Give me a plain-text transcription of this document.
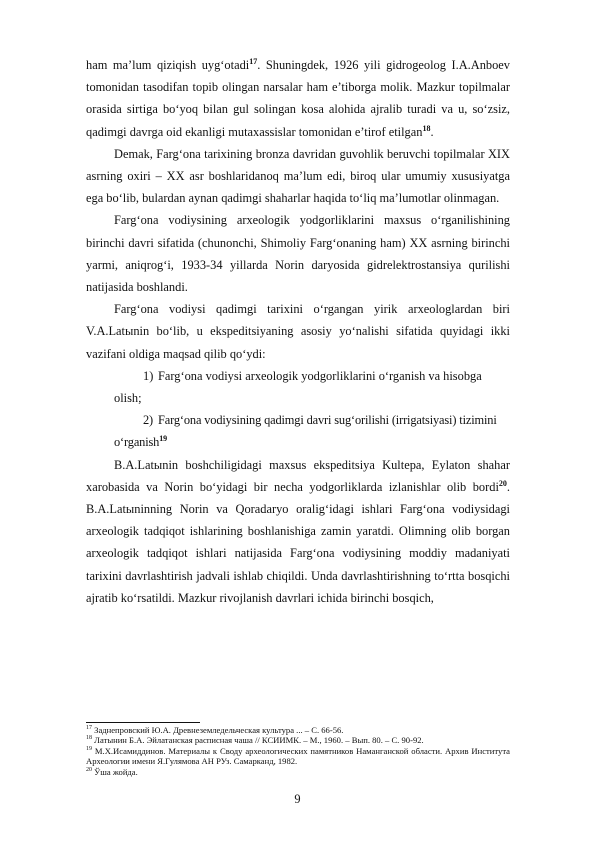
ham ma’lum qiziqish uyg‘otadi$^{17}$. Shuningdek, 1926 yili gidrogeolog I.A.Anboev tomonidan tasodifan topib olingan narsalar ham e’tiborga molik. Mazkur topilmalar orasida sirtiga bo‘yoq bilan gul solingan kosa alohida ajralib turadi va u, so‘zsiz, qadimgi davrga oid ekanligi mutaxassislar tomonidan e’tirof etilgan$^{18}$.

Demak, Farg‘ona tarixining bronza davridan guvohlik beruvchi topilmalar XIX asrning oxiri – XX asr boshlaridanoq ma’lum edi, biroq ular umumiy xususiyatga ega bo‘lib, bulardan aynan qadimgi shaharlar haqida to‘liq ma’lumotlar olinmagan.

Farg‘ona vodiysining arxeologik yodgorliklarini maxsus o‘rganilishining birinchi davri sifatida (chunonchi, Shimoliy Farg‘onaning ham) XX asrning birinchi yarmi, aniqrog‘i, 1933-34 yillarda Norin daryosida gidrelektrostansiya qurilishi natijasida boshlandi.

Farg‘ona vodiysi qadimgi tarixini o‘rgangan yirik arxeologlardan biri V.A.Latыnin bo‘lib, u ekspeditsiyaning asosiy yo‘nalishi sifatida quyidagi ikki vazifani oldiga maqsad qilib qo‘ydi:

1) Farg‘ona vodiysi arxeologik yodgorliklarini o‘rganish va hisobga
olish;

2) Farg‘ona vodiysining qadimgi davri sug‘orilishi (irrigatsiyasi) tizimini
o‘rganish$^{19}$

B.A.Latыnin boshchiligidagi maxsus ekspeditsiya Kultepa, Eylaton shahar xarobasida va Norin bo‘yidagi bir necha yodgorliklarda izlanishlar olib bordi$^{20}$. B.A.Latыninning Norin va Qoradaryo oralig‘idagi ishlari Farg‘ona vodiysidagi arxeologik tadqiqot ishlarining boshlanishiga zamin yaratdi. Olimning olib borgan arxeologik tadqiqot ishlari natijasida Farg‘ona vodiysining moddiy madaniyati tarixini davrlashtirish jadvali ishlab chiqildi. Unda davrlashtirishning to‘rtta bosqichi ajratib ko‘rsatildi. Mazkur rivojlanish davrlari ichida birinchi bosqich,

$^{17}$ Заднепровский Ю.А. Древнеземледельческая культура ... – С. 66-56.

$^{18}$ Латынин Б.А. Эйлатанская расписная чаша // КСИИМК. – М., 1960. – Вып. 80. – С. 90-92.

$^{19}$ М.Х.Исамиддинов. Материалы к Своду археологических памятников Наманганской области. Архив Института Археологии имени Я.Гулямова АН РУз. Самарканд, 1982.

$^{20}$ Ўша жойда.

9
